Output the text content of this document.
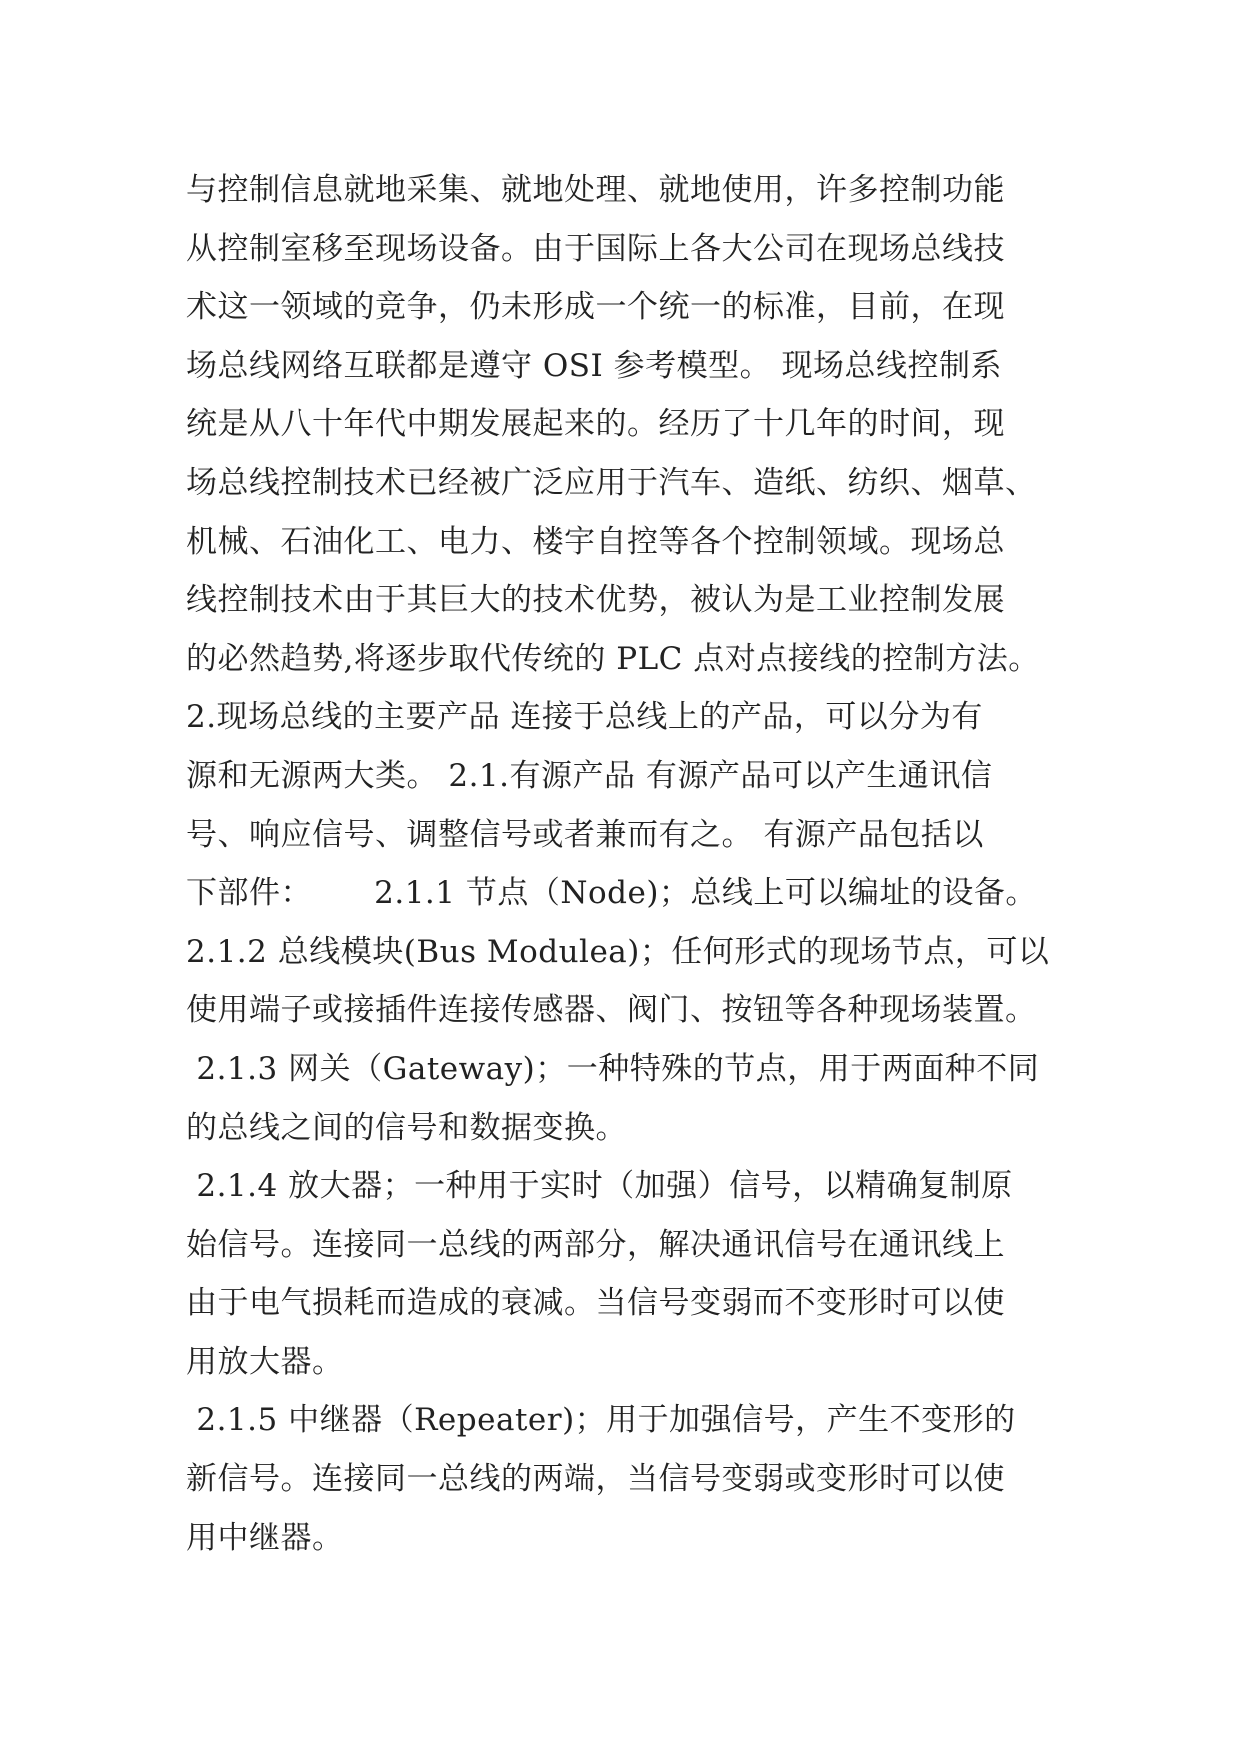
与控制信息就地采集、就地处理、就地使用，许多控制功能
从控制室移至现场设备。由于国际上各大公司在现场总线技
术这一领域的竞争，仍未形成一个统一的标准，目前，在现
场总线网络互联都是遵守 OSI 参考模型。 现场总线控制系
统是从八十年代中期发展起来的。经历了十几年的时间，现
场总线控制技术已经被广泛应用于汽车、造纸、纺织、烟草、
机械、石油化工、电力、楼宇自控等各个控制领域。现场总
线控制技术由于其巨大的技术优势，被认为是工业控制发展
的必然趋势,将逐步取代传统的 PLC 点对点接线的控制方法。
2.现场总线的主要产品 连接于总线上的产品，可以分为有
源和无源两大类。 2.1.有源产品 有源产品可以产生通讯信
号、响应信号、调整信号或者兼而有之。 有源产品包括以
下部件：      2.1.1 节点（Node)；总线上可以编址的设备。
2.1.2 总线模块(Bus Modulea)；任何形式的现场节点，可以
使用端子或接插件连接传感器、阀门、按钮等各种现场装置。
2.1.3 网关（Gateway)；一种特殊的节点，用于两面种不同
的总线之间的信号和数据变换。
2.1.4 放大器；一种用于实时（加强）信号，以精确复制原
始信号。连接同一总线的两部分，解决通讯信号在通讯线上
由于电气损耗而造成的衰减。当信号变弱而不变形时可以使
用放大器。
2.1.5 中继器（Repeater)；用于加强信号，产生不变形的
新信号。连接同一总线的两端，当信号变弱或变形时可以使
用中继器。
